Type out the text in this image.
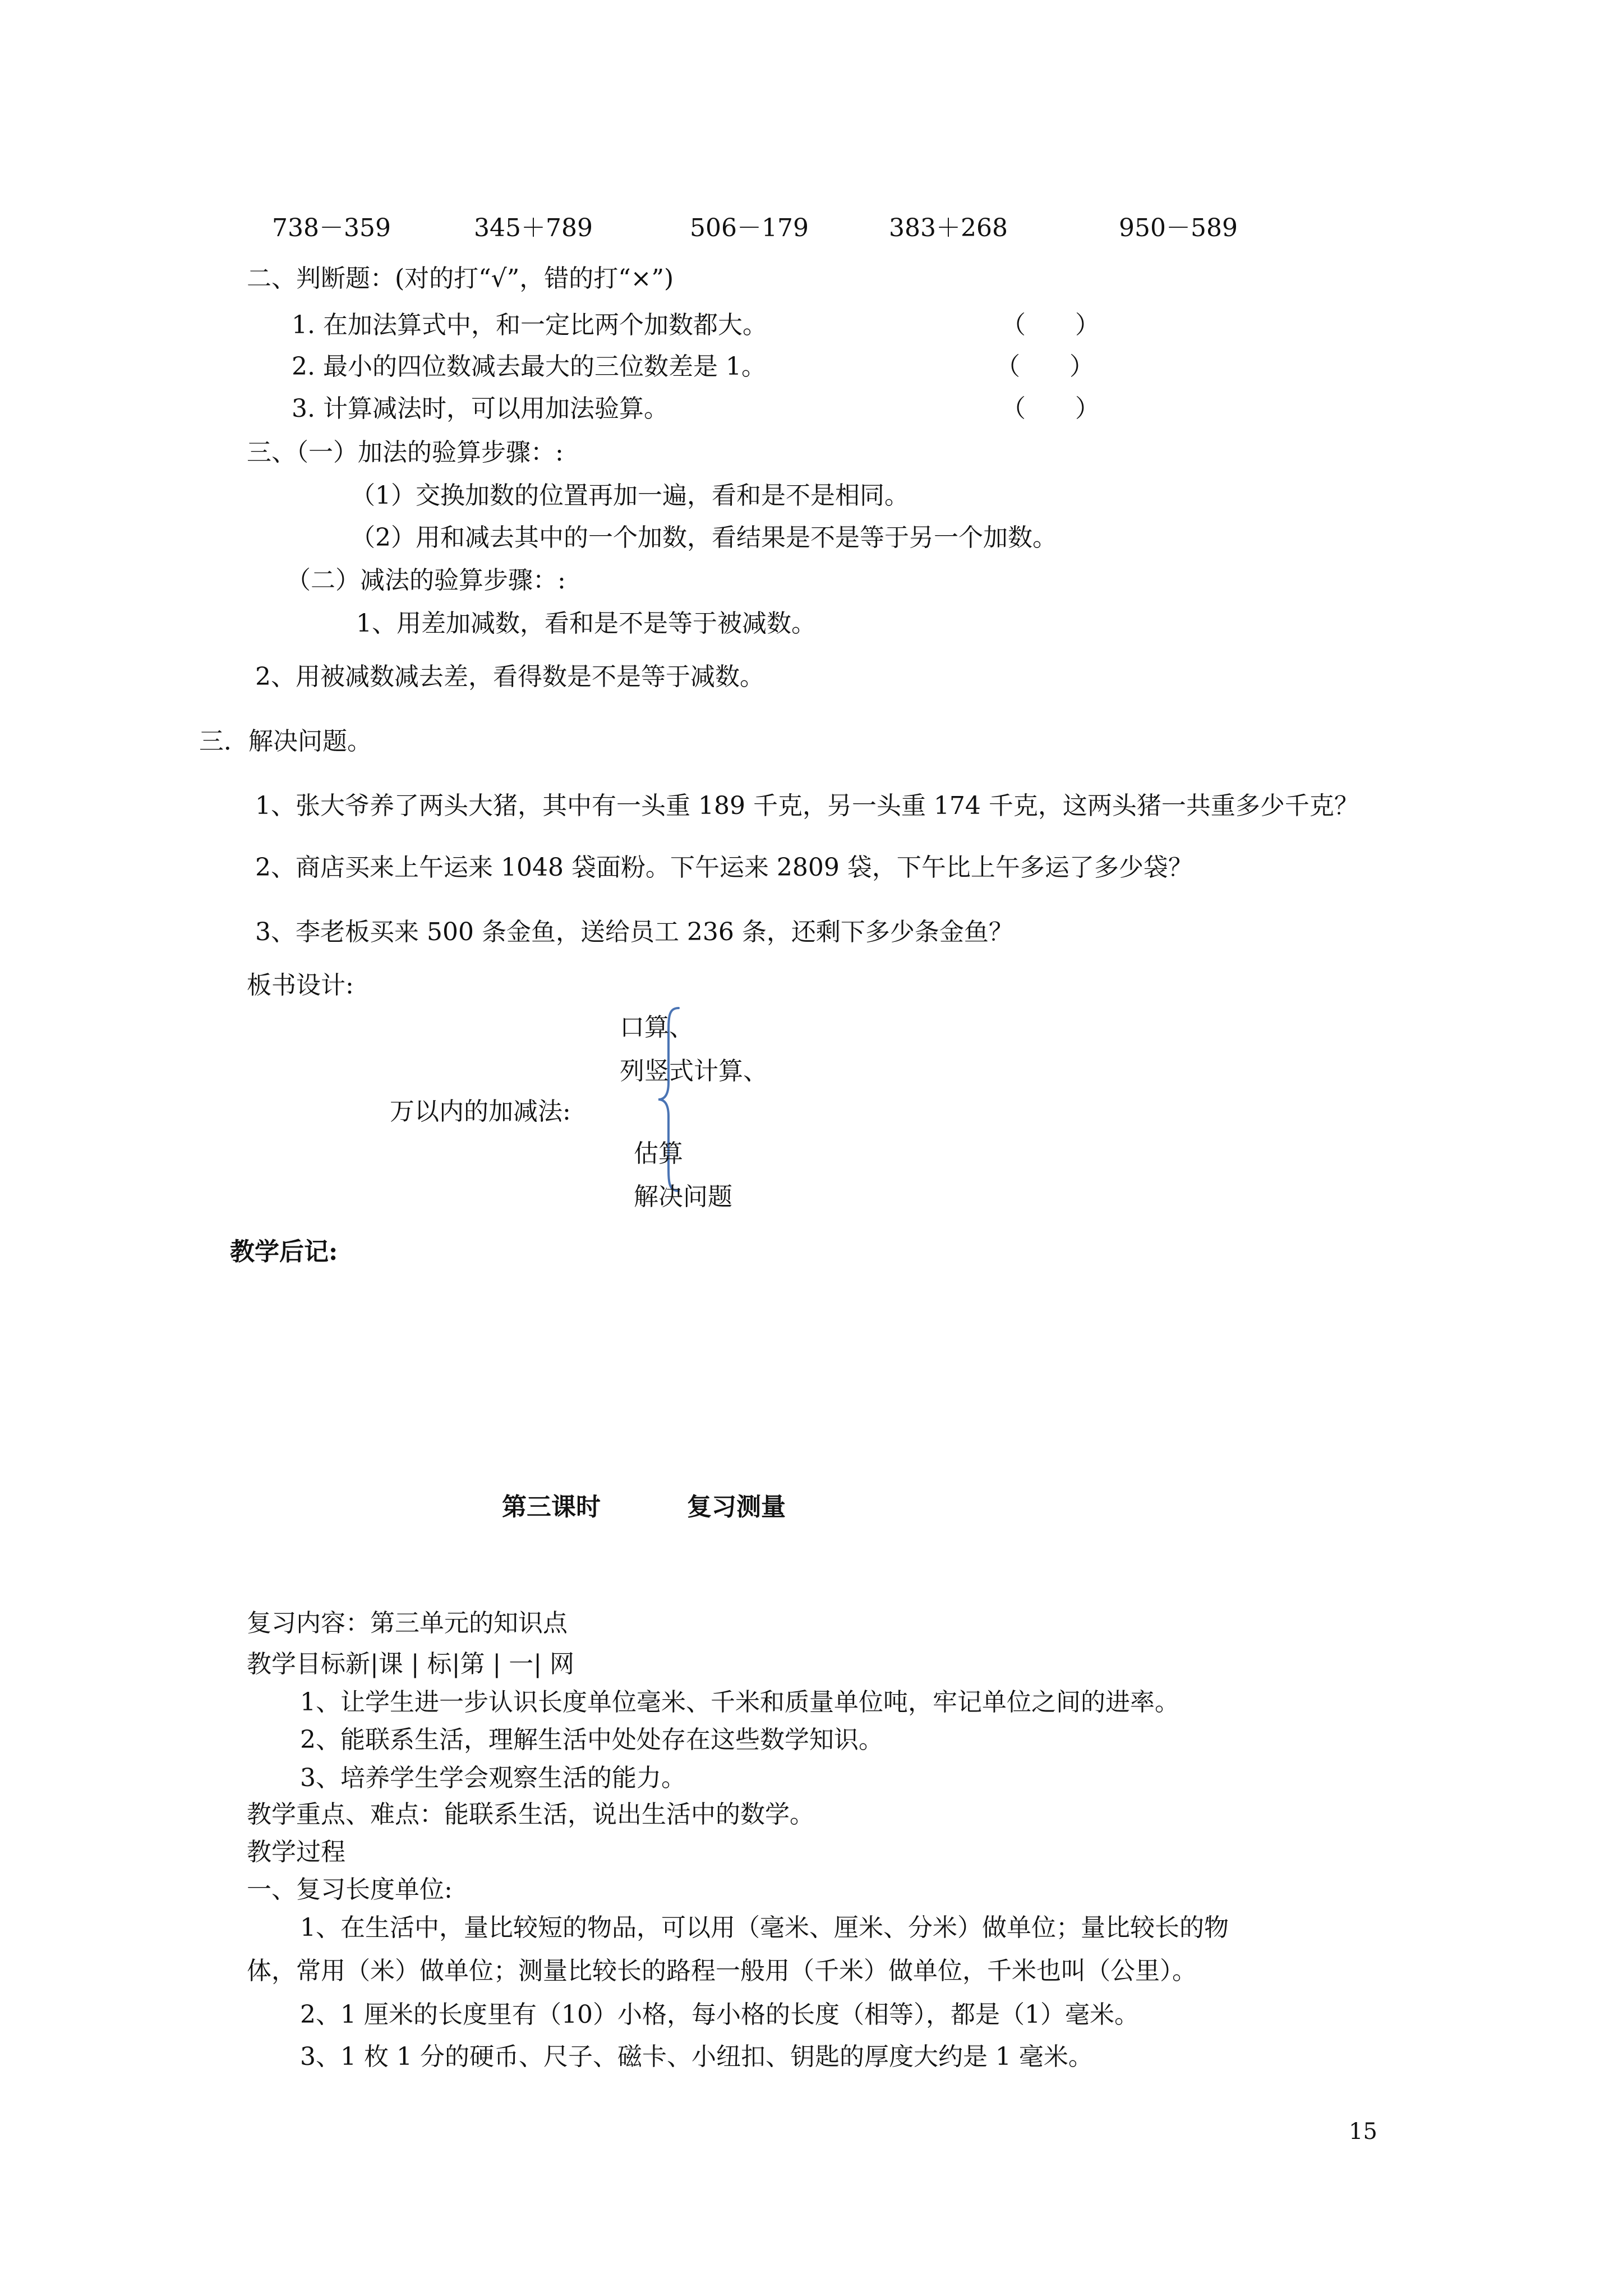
738－359	345＋789	506－179	383＋268	950－589
二、判断题：(对的打“√”，错的打“×”)
1. 在加法算式中，和一定比两个加数都大。	（　　）
2. 最小的四位数减去最大的三位数差是 1。	（　　）
3. 计算减法时，可以用加法验算。	（　　）
三、（一）加法的验算步骤：:
（1）交换加数的位置再加一遍，看和是不是相同。
（2）用和减去其中的一个加数，看结果是不是等于另一个加数。
（二）减法的验算步骤：:
1、用差加减数，看和是不是等于被减数。
2、用被减数减去差，看得数是不是等于减数。
三．解决问题。
1、张大爷养了两头大猪，其中有一头重 189 千克，另一头重 174 千克，这两头猪一共重多少千克？
2、商店买来上午运来 1048 袋面粉。下午运来 2809 袋，下午比上午多运了多少袋？
3、李老板买来 500 条金鱼，送给员工 236 条，还剩下多少条金鱼？
板书设计:
万以内的加减法:
口算、
列竖式计算、
估算
解决问题
教学后记:
第三课时	复习测量
复习内容：第三单元的知识点
教学目标新|课 | 标|第 | 一| 网
1、让学生进一步认识长度单位毫米、千米和质量单位吨，牢记单位之间的进率。
2、能联系生活，理解生活中处处存在这些数学知识。
3、培养学生学会观察生活的能力。
教学重点、难点：能联系生活，说出生活中的数学。
教学过程
一、复习长度单位:
1、在生活中，量比较短的物品，可以用（毫米、厘米、分米）做单位；量比较长的物
体，常用（米）做单位；测量比较长的路程一般用（千米）做单位，千米也叫（公里）。
2、1 厘米的长度里有（10）小格，每小格的长度（相等），都是（1）毫米。
3、1 枚 1 分的硬币、尺子、磁卡、小纽扣、钥匙的厚度大约是 1 毫米。
15
